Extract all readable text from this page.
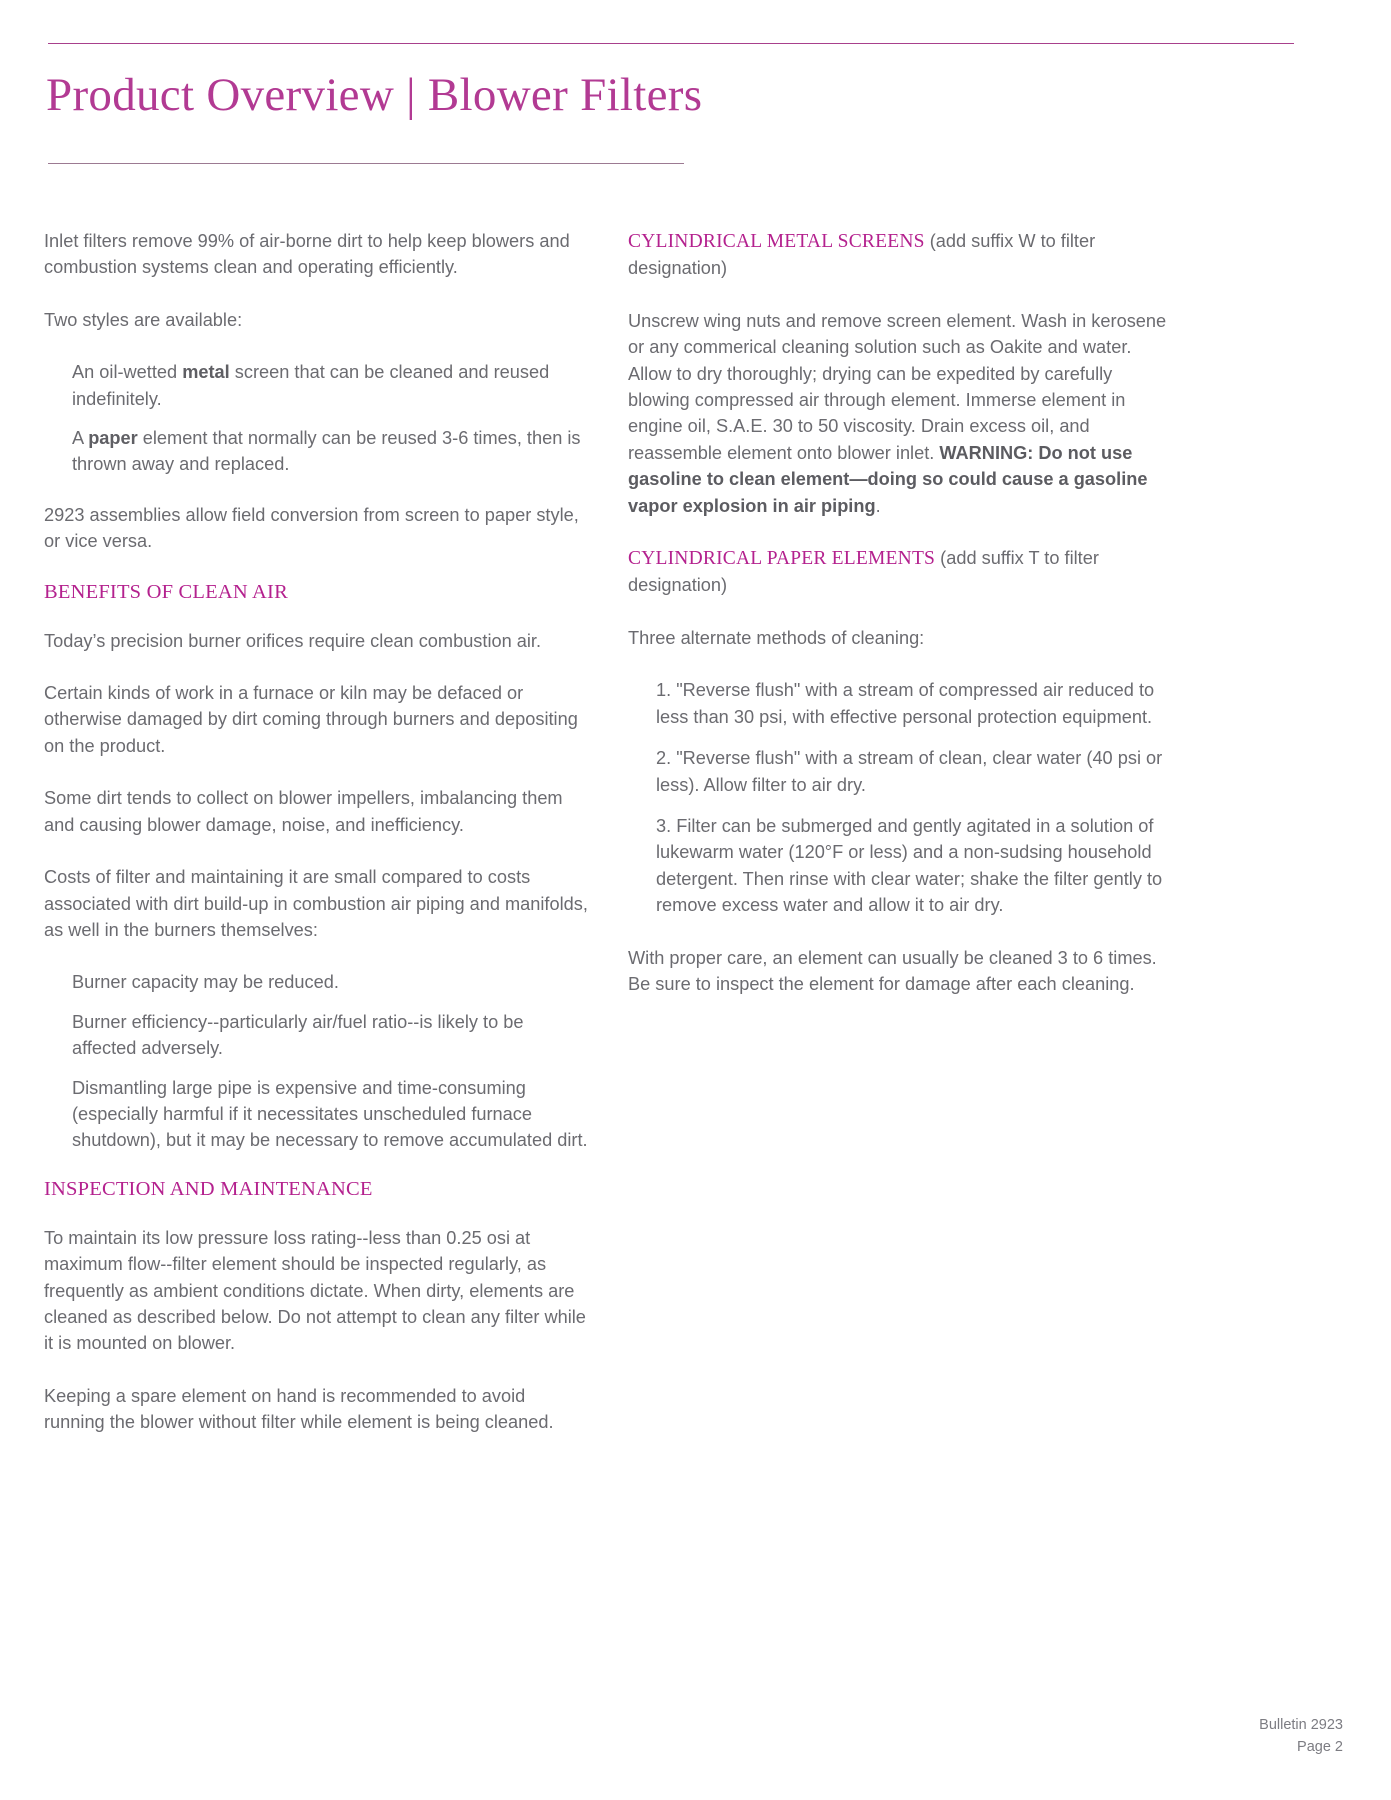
Product Overview | Blower Filters

Inlet filters remove 99% of air-borne dirt to help keep blowers and combustion systems clean and operating efficiently.

Two styles are available:

An oil-wetted metal screen that can be cleaned and reused indefinitely.
A paper element that normally can be reused 3-6 times, then is thrown away and replaced.

2923 assemblies allow field conversion from screen to paper style, or vice versa.

BENEFITS OF CLEAN AIR

Today’s precision burner orifices require clean combustion air.

Certain kinds of work in a furnace or kiln may be defaced or otherwise damaged by dirt coming through burners and depositing on the product.

Some dirt tends to collect on blower impellers, imbalancing them and causing blower damage, noise, and inefficiency.

Costs of filter and maintaining it are small compared to costs associated with dirt build-up in combustion air piping and manifolds, as well in the burners themselves:

Burner capacity may be reduced.
Burner efficiency--particularly air/fuel ratio--is likely to be affected adversely.
Dismantling large pipe is expensive and time-consuming (especially harmful if it necessitates unscheduled furnace shutdown), but it may be necessary to remove accumulated dirt.
INSPECTION AND MAINTENANCE

To maintain its low pressure loss rating--less than 0.25 osi at maximum flow--filter element should be inspected regularly, as frequently as ambient conditions dictate. When dirty, elements are cleaned as described below. Do not attempt to clean any filter while it is mounted on blower.

Keeping a spare element on hand is recommended to avoid running the blower without filter while element is being cleaned.

CYLINDRICAL METAL SCREENS (add suffix W to filter designation)

Unscrew wing nuts and remove screen element. Wash in kerosene or any commerical cleaning solution such as Oakite and water. Allow to dry thoroughly; drying can be expedited by carefully blowing compressed air through element. Immerse element in engine oil, S.A.E. 30 to 50 viscosity. Drain excess oil, and reassemble element onto blower inlet. WARNING: Do not use gasoline to clean element—doing so could cause a gasoline vapor explosion in air piping.

CYLINDRICAL PAPER ELEMENTS (add suffix T to filter designation)

Three alternate methods of cleaning:

1. "Reverse flush" with a stream of compressed air reduced to less than 30 psi, with effective personal protection equipment.
2. "Reverse flush" with a stream of clean, clear water (40 psi or less). Allow filter to air dry.
3. Filter can be submerged and gently agitated in a solution of lukewarm water (120°F or less) and a non-sudsing household detergent. Then rinse with clear water; shake the filter gently to remove excess water and allow it to air dry.

With proper care, an element can usually be cleaned 3 to 6 times. Be sure to inspect the element for damage after each cleaning.

Bulletin 2923
Page 2
